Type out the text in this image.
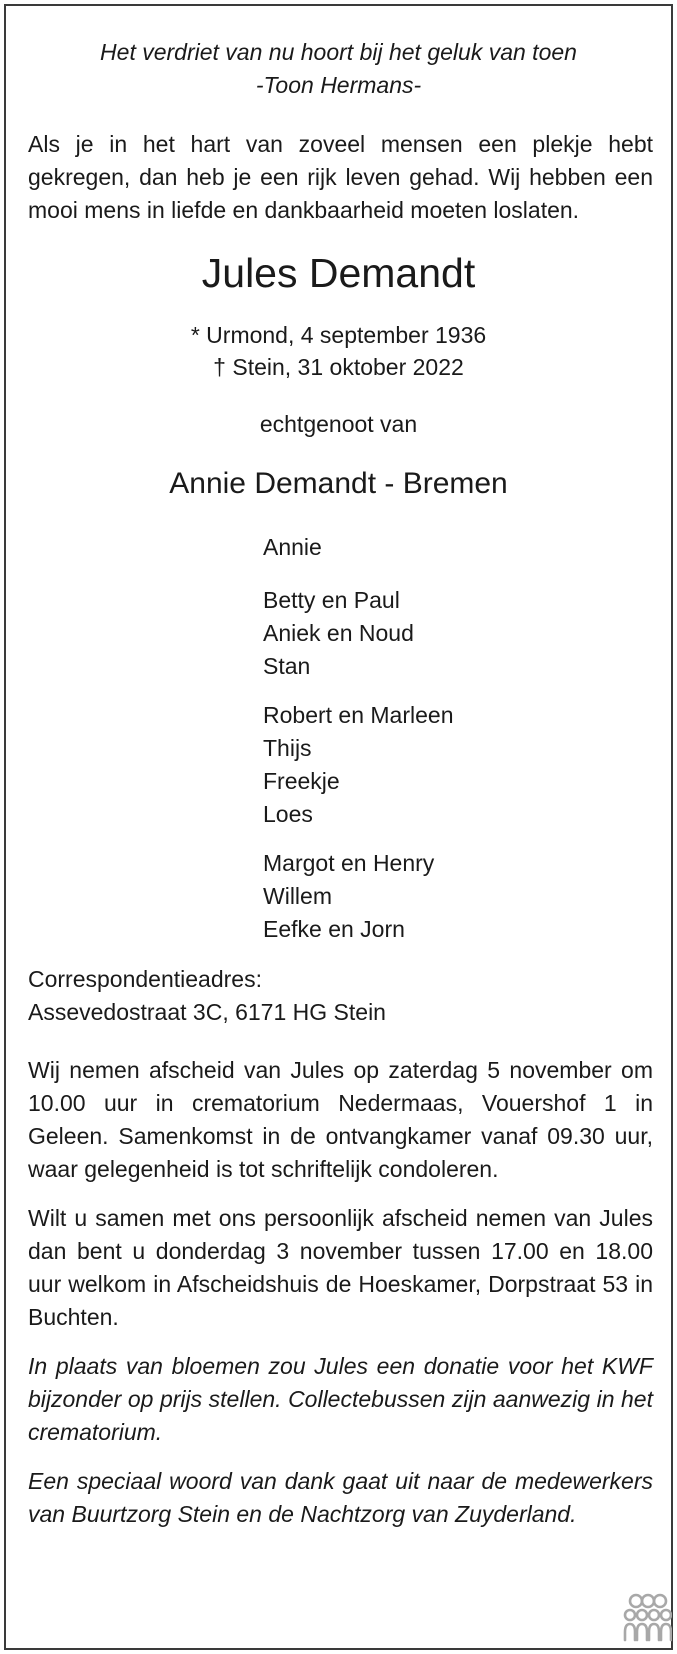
Het verdriet van nu hoort bij het geluk van toen
-Toon Hermans-
Als je in het hart van zoveel mensen een plekje hebt gekregen, dan heb je een rijk leven gehad. Wij hebben een mooi mens in liefde en dankbaarheid moeten loslaten.
Jules Demandt
* Urmond, 4 september 1936
† Stein, 31 oktober 2022
echtgenoot van
Annie Demandt - Bremen
Annie
Betty en Paul
Aniek en Noud
Stan
Robert en Marleen
Thijs
Freekje
Loes
Margot en Henry
Willem
Eefke en Jorn
Correspondentieadres:
Assevedostraat 3C, 6171 HG Stein
Wij nemen afscheid van Jules op zaterdag 5 november om 10.00 uur in crematorium Nedermaas, Vouershof 1 in Geleen. Samenkomst in de ontvangkamer vanaf 09.30 uur, waar gelegenheid is tot schriftelijk condoleren.
Wilt u samen met ons persoonlijk afscheid nemen van Jules dan bent u donderdag 3 november tussen 17.00 en 18.00 uur welkom in Afscheidshuis de Hoeskamer, Dorpstraat 53 in Buchten.
In plaats van bloemen zou Jules een donatie voor het KWF bijzonder op prijs stellen. Collectebussen zijn aanwezig in het crematorium.
Een speciaal woord van dank gaat uit naar de medewerkers van Buurtzorg Stein en de Nachtzorg van Zuyderland.
